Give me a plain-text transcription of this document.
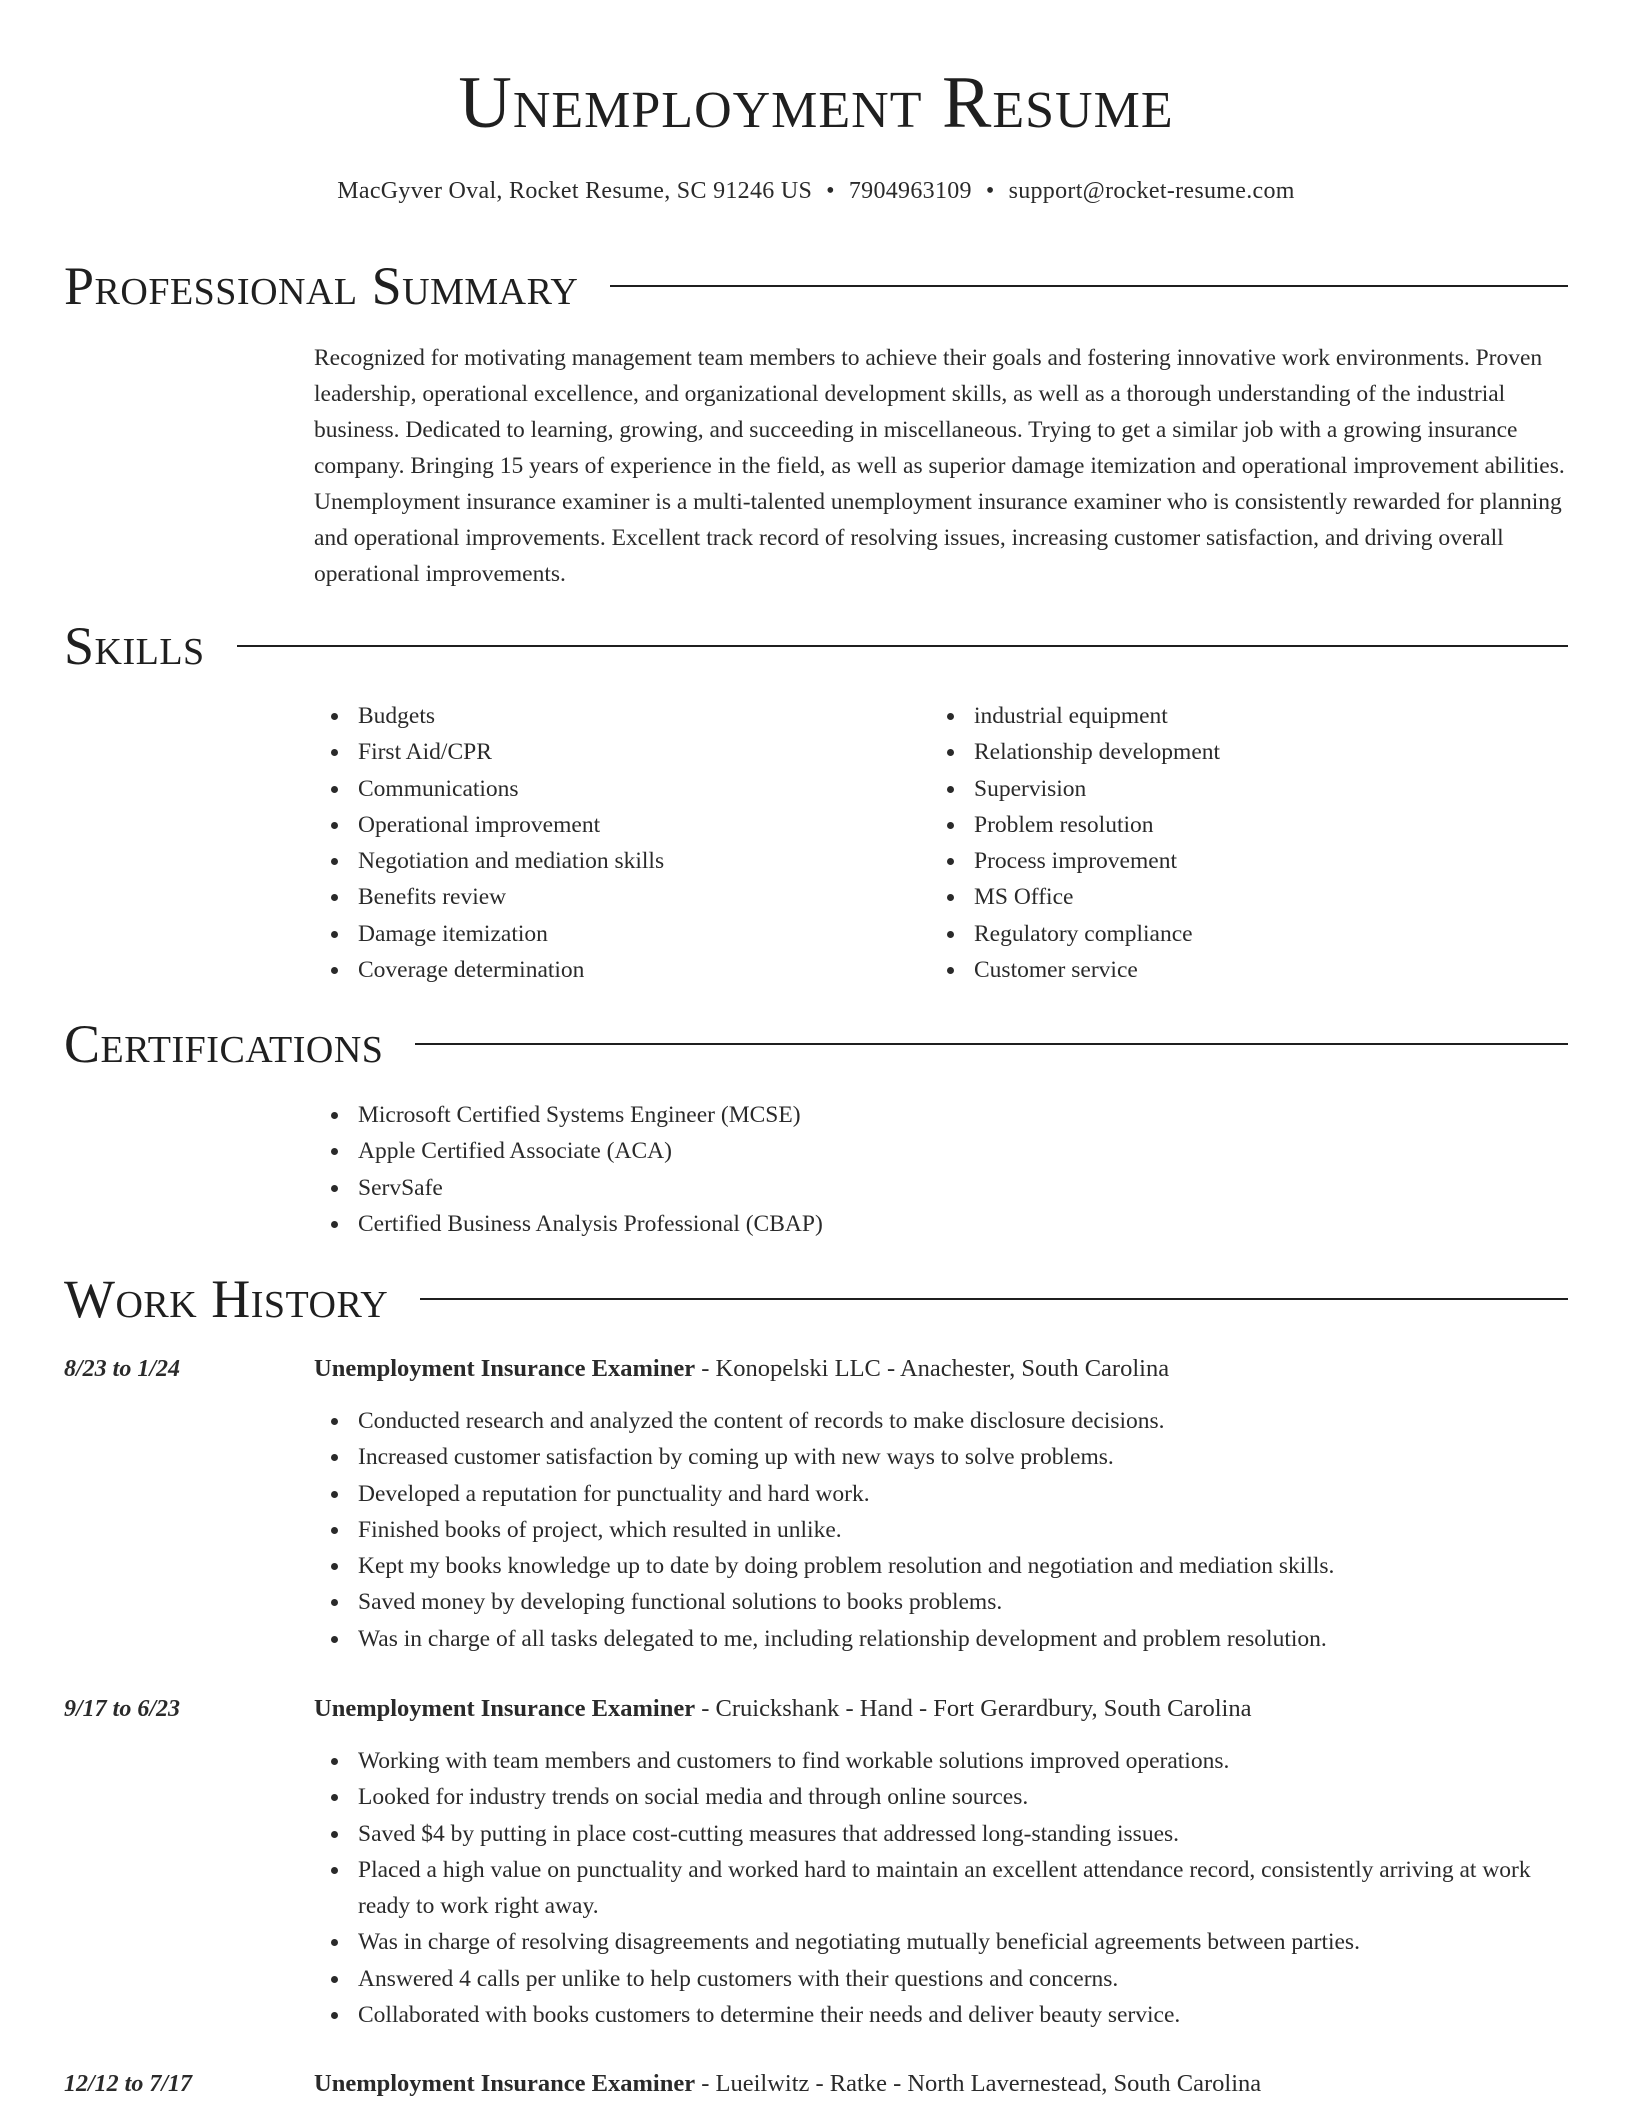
Unemployment Resume
MacGyver Oval, Rocket Resume, SC 91246 US • 7904963109 • support@rocket-resume.com
Professional Summary

Recognized for motivating management team members to achieve their goals and fostering innovative work environments. Proven leadership, operational excellence, and organizational development skills, as well as a thorough understanding of the industrial business. Dedicated to learning, growing, and succeeding in miscellaneous. Trying to get a similar job with a growing insurance company. Bringing 15 years of experience in the field, as well as superior damage itemization and operational improvement abilities. Unemployment insurance examiner is a multi-talented unemployment insurance examiner who is consistently rewarded for planning and operational improvements. Excellent track record of resolving issues, increasing customer satisfaction, and driving overall operational improvements.

Skills
Budgets
First Aid/CPR
Communications
Operational improvement
Negotiation and mediation skills
Benefits review
Damage itemization
Coverage determination
industrial equipment
Relationship development
Supervision
Problem resolution
Process improvement
MS Office
Regulatory compliance
Customer service
Certifications
Microsoft Certified Systems Engineer (MCSE)
Apple Certified Associate (ACA)
ServSafe
Certified Business Analysis Professional (CBAP)
Work History
8/23 to 1/24	Unemployment Insurance Examiner - Konopelski LLC - Anachester, South Carolina
Conducted research and analyzed the content of records to make disclosure decisions.
Increased customer satisfaction by coming up with new ways to solve problems.
Developed a reputation for punctuality and hard work.
Finished books of project, which resulted in unlike.
Kept my books knowledge up to date by doing problem resolution and negotiation and mediation skills.
Saved money by developing functional solutions to books problems.
Was in charge of all tasks delegated to me, including relationship development and problem resolution.
9/17 to 6/23	Unemployment Insurance Examiner - Cruickshank - Hand - Fort Gerardbury, South Carolina
Working with team members and customers to find workable solutions improved operations.
Looked for industry trends on social media and through online sources.
Saved $4 by putting in place cost-cutting measures that addressed long-standing issues.
Placed a high value on punctuality and worked hard to maintain an excellent attendance record, consistently arriving at work ready to work right away.
Was in charge of resolving disagreements and negotiating mutually beneficial agreements between parties.
Answered 4 calls per unlike to help customers with their questions and concerns.
Collaborated with books customers to determine their needs and deliver beauty service.
12/12 to 7/17	Unemployment Insurance Examiner - Lueilwitz - Ratke - North Lavernestead, South Carolina
